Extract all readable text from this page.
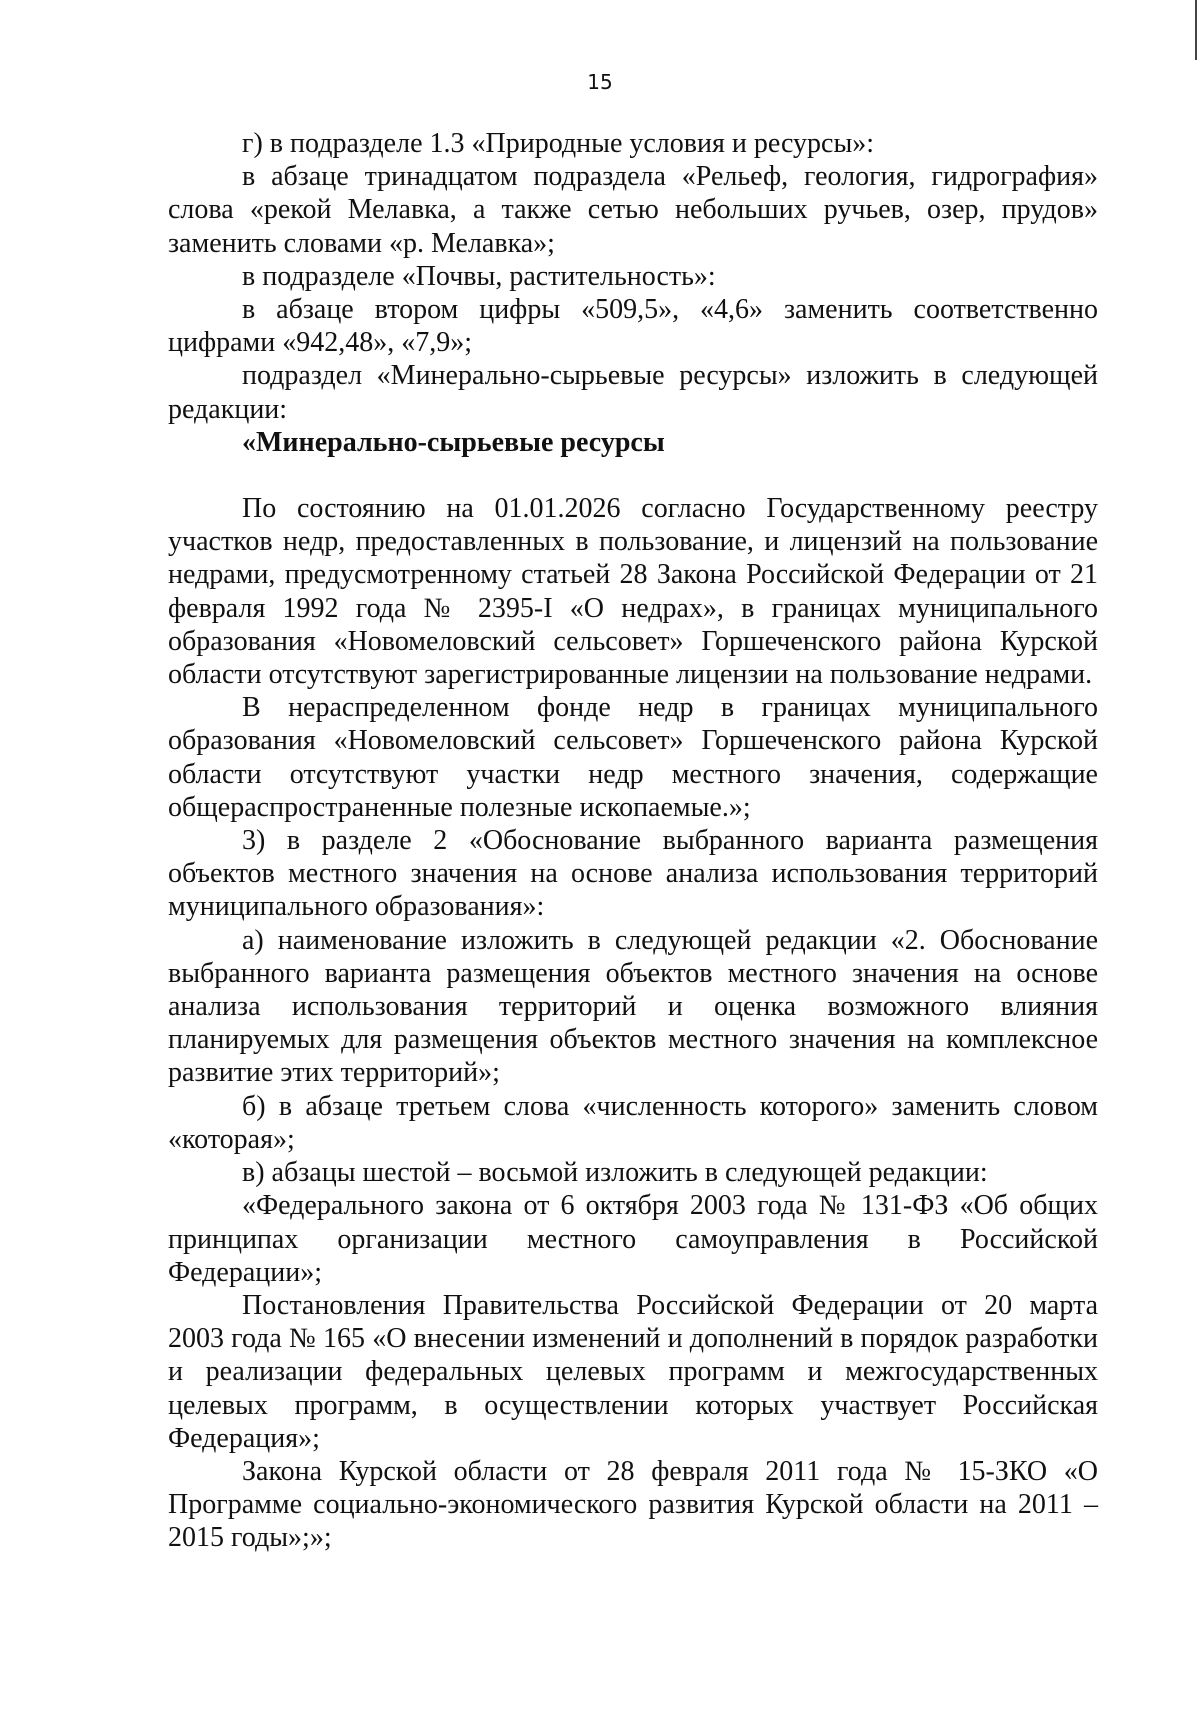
15

г) в подразделе 1.3 «Природные условия и ресурсы»:

в абзаце тринадцатом подраздела «Рельеф, геология, гидрография» слова «рекой Мелавка, а также сетью небольших ручьев, озер, прудов» заменить словами «р. Мелавка»;

в подразделе «Почвы, растительность»:

в абзаце втором цифры «509,5», «4,6» заменить соответственно цифрами «942,48», «7,9»;

подраздел «Минерально-сырьевые ресурсы» изложить в следующей редакции:

«Минерально-сырьевые ресурсы

По состоянию на 01.01.2026 согласно Государственному реестру участков недр, предоставленных в пользование, и лицензий на пользование недрами, предусмотренному статьей 28 Закона Российской Федерации от 21 февраля 1992 года № 2395-I «О недрах», в границах муниципального образования «Новомеловский сельсовет» Горшеченского района Курской области отсутствуют зарегистрированные лицензии на пользование недрами.

В нераспределенном фонде недр в границах муниципального образования «Новомеловский сельсовет» Горшеченского района Курской области отсутствуют участки недр местного значения, содержащие общераспространенные полезные ископаемые.»;

3) в разделе 2 «Обоснование выбранного варианта размещения объектов местного значения на основе анализа использования территорий муниципального образования»:

а) наименование изложить в следующей редакции «2. Обоснование выбранного варианта размещения объектов местного значения на основе анализа использования территорий и оценка возможного влияния планируемых для размещения объектов местного значения на комплексное развитие этих территорий»;

б) в абзаце третьем слова «численность которого» заменить словом «которая»;

в) абзацы шестой – восьмой изложить в следующей редакции:

«Федерального закона от 6 октября 2003 года № 131-ФЗ «Об общих принципах организации местного самоуправления в Российской Федерации»;

Постановления Правительства Российской Федерации от 20 марта 2003 года № 165 «О внесении изменений и дополнений в порядок разработки и реализации федеральных целевых программ и межгосударственных целевых программ, в осуществлении которых участвует Российская Федерация»;

Закона Курской области от 28 февраля 2011 года № 15-ЗКО «О Программе социально-экономического развития Курской области на 2011 – 2015 годы»;»;
